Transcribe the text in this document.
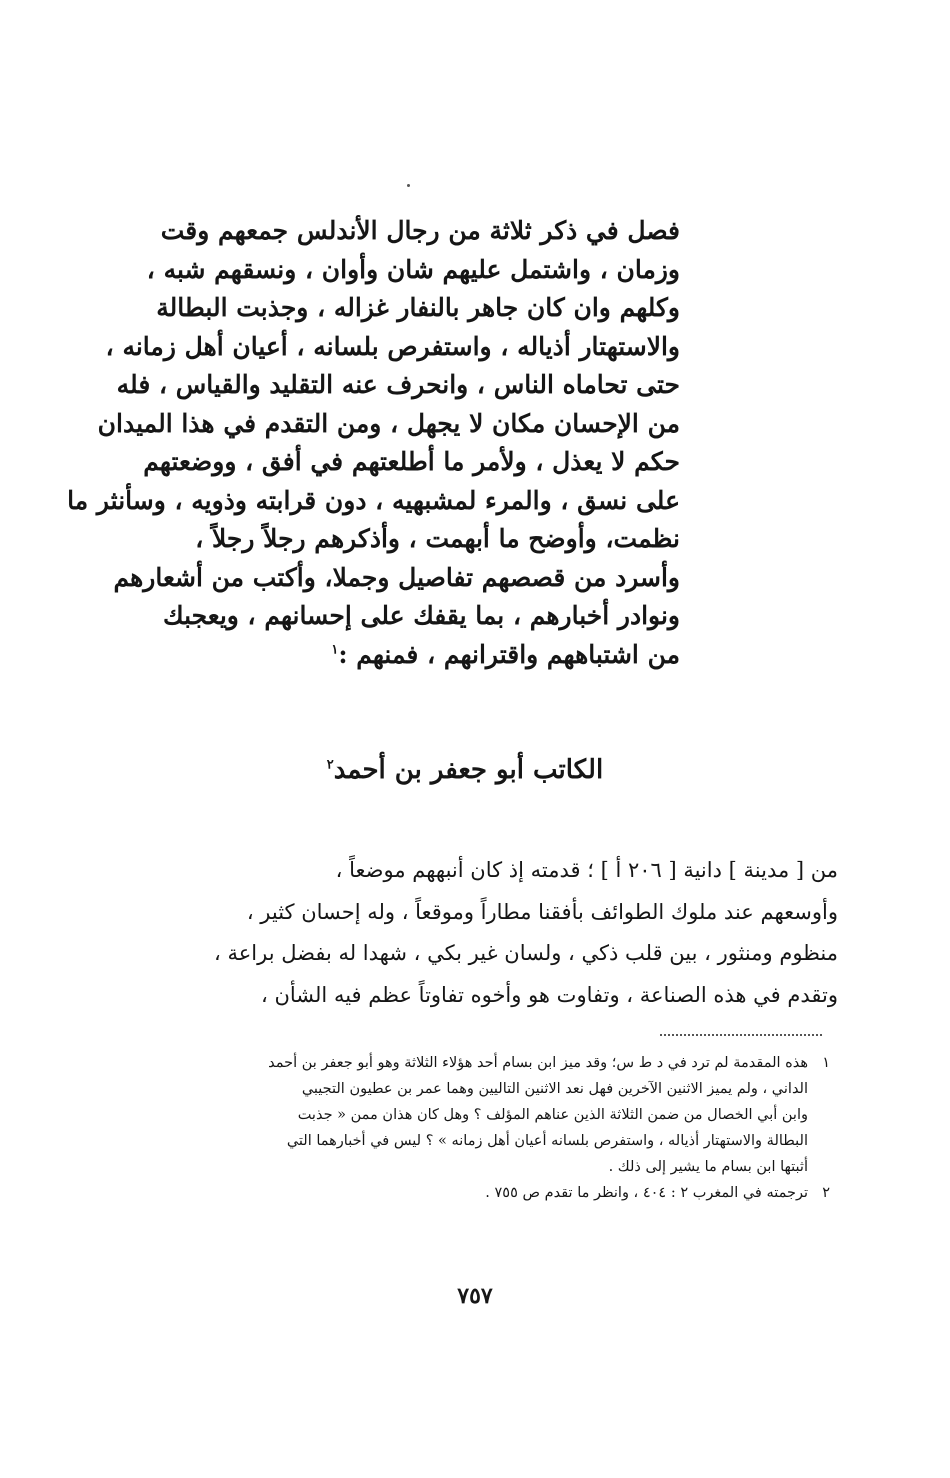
فصل في ذكر ثلاثة من رجال الأندلس جمعهم وقت
وزمان ، واشتمل عليهم شان وأوان ، ونسقهم شبه ،
وكلهم وان كان جاهر بالنفار غزاله ، وجذبت البطالة
والاستهتار أذياله ، واستفرص بلسانه ، أعيان أهل زمانه ،
حتى تحاماه الناس ، وانحرف عنه التقليد والقياس ، فله
من الإحسان مكان لا يجهل ، ومن التقدم في هذا الميدان
حكم لا يعذل ، ولأمر ما أطلعتهم في أفق ، ووضعتهم
على نسق ، والمرء لمشبهيه ، دون قرابته وذويه ، وسأنثر ما
نظمت، وأوضح ما أبهمت ، وأذكرهم رجلاً رجلاً ،
وأسرد من قصصهم تفاصيل وجملا، وأكتب من أشعارهم
ونوادر أخبارهم ، بما يقفك على إحسانهم ، ويعجبك
من اشتباههم واقترانهم ، فمنهم :$^١$
الكاتب أبو جعفر بن أحمد$^٢$
من [ مدينة ] دانية [ ٢٠٦ أ ] ؛ قدمته إذ كان أنبههم موضعاً ،
وأوسعهم عند ملوك الطوائف بأفقنا مطاراً وموقعاً ، وله إحسان كثير ،
منظوم ومنثور ، بين قلب ذكي ، ولسان غير بكي ، شهدا له بفضل براعة ،
وتقدم في هذه الصناعة ، وتفاوت هو وأخوه تفاوتاً عظم فيه الشأن ،
١هذه المقدمة لم ترد في د ط س؛ وقد ميز ابن بسام أحد هؤلاء الثلاثة وهو أبو جعفر بن أحمد
الداني ، ولم يميز الاثنين الآخرين فهل نعد الاثنين التاليين وهما عمر بن عطيون التجيبي
وابن أبي الخصال من ضمن الثلاثة الذين عناهم المؤلف ؟ وهل كان هذان ممن « جذبت
البطالة والاستهتار أذياله ، واستفرص بلسانه أعيان أهل زمانه » ؟ ليس في أخبارهما التي
أثبتها ابن بسام ما يشير إلى ذلك .
٢ترجمته في المغرب ٢ : ٤٠٤ ، وانظر ما تقدم ص ٧٥٥ .
٧٥٧
